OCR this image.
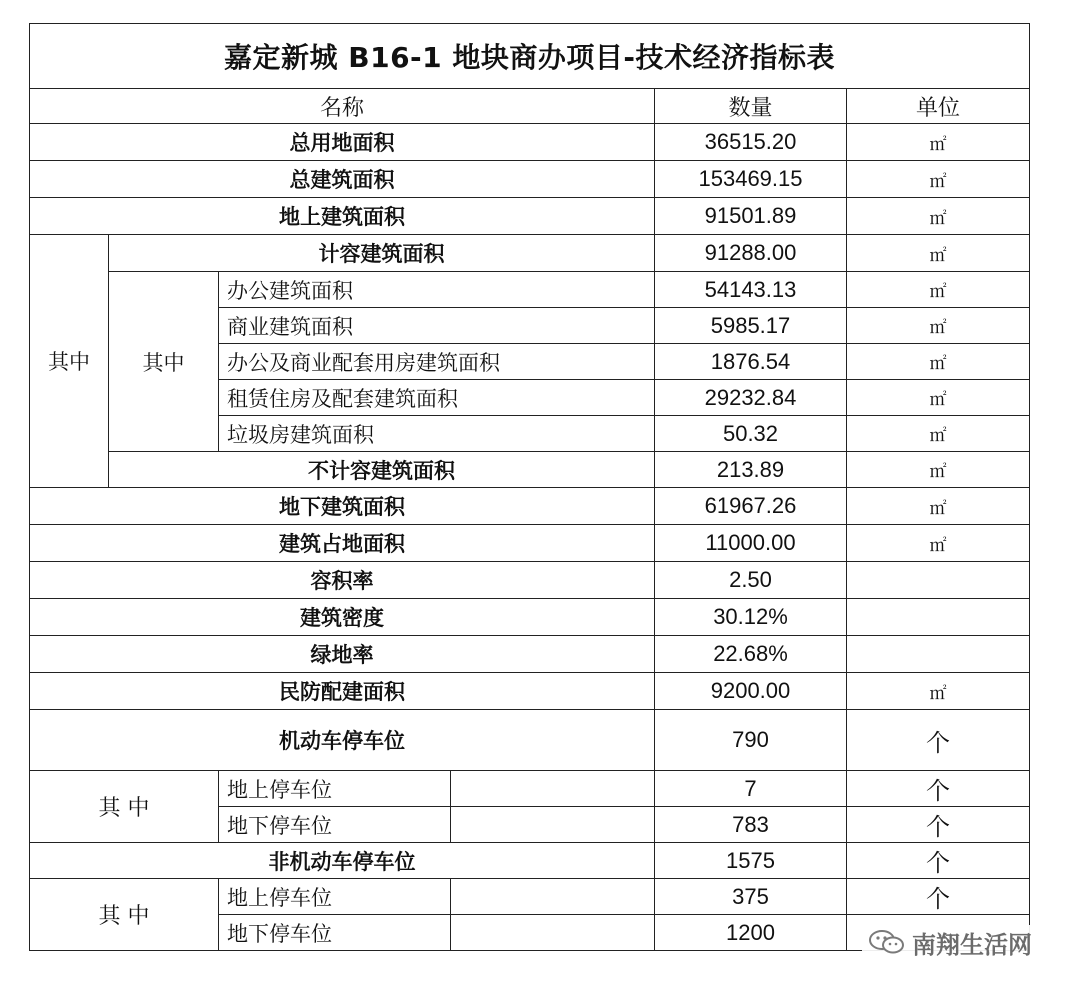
嘉定新城 B16-1 地块商办项目-技术经济指标表					
名称				数量	单位
总用地面积				36515.20	㎡
总建筑面积				153469.15	㎡
地上建筑面积				91501.89	㎡
其中	计容建筑面积			91288.00	㎡
	其中	办公建筑面积		54143.13	㎡
		商业建筑面积		5985.17	㎡
		办公及商业配套用房建筑面积		1876.54	㎡
		租赁住房及配套建筑面积		29232.84	㎡
		垃圾房建筑面积		50.32	㎡
	不计容建筑面积			213.89	㎡
地下建筑面积				61967.26	㎡
建筑占地面积				11000.00	㎡
容积率				2.50	
建筑密度				30.12%	
绿地率				22.68%	
民防配建面积				9200.00	㎡
机动车停车位				790	个
其 中		地上停车位		7	个
		地下停车位		783	个
非机动车停车位				1575	个
其 中		地上停车位		375	个
		地下停车位		1200		南翔生活网
